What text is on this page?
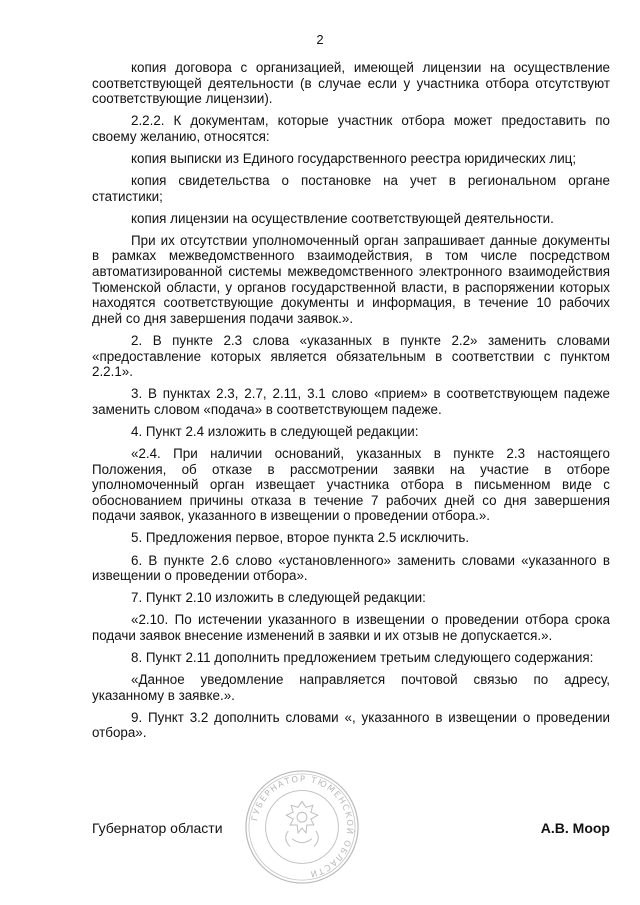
2

копия договора с организацией, имеющей лицензии на осуществление соответствующей деятельности (в случае если у участника отбора отсутствуют соответствующие лицензии).

2.2.2. К документам, которые участник отбора может предоставить по своему желанию, относятся:

копия выписки из Единого государственного реестра юридических лиц;

копия свидетельства о постановке на учет в региональном органе статистики;

копия лицензии на осуществление соответствующей деятельности.

При их отсутствии уполномоченный орган запрашивает данные документы в рамках межведомственного взаимодействия, в том числе посредством автоматизированной системы межведомственного электронного взаимодействия Тюменской области, у органов государственной власти, в распоряжении которых находятся соответствующие документы и информация, в течение 10 рабочих дней со дня завершения подачи заявок.».

2. В пункте 2.3 слова «указанных в пункте 2.2» заменить словами «предоставление которых является обязательным в соответствии с пунктом 2.2.1».

3. В пунктах 2.3, 2.7, 2.11, 3.1 слово «прием» в соответствующем падеже заменить словом «подача» в соответствующем падеже.

4. Пункт 2.4 изложить в следующей редакции:

«2.4. При наличии оснований, указанных в пункте 2.3 настоящего Положения, об отказе в рассмотрении заявки на участие в отборе уполномоченный орган извещает участника отбора в письменном виде с обоснованием причины отказа в течение 7 рабочих дней со дня завершения подачи заявок, указанного в извещении о проведении отбора.».

5. Предложения первое, второе пункта 2.5 исключить.

6. В пункте 2.6 слово «установленного» заменить словами «указанного в извещении о проведении отбора».

7. Пункт 2.10 изложить в следующей редакции:

«2.10. По истечении указанного в извещении о проведении отбора срока подачи заявок внесение изменений в заявки и их отзыв не допускается.».

8. Пункт 2.11 дополнить предложением третьим следующего содержания:

«Данное уведомление направляется почтовой связью по адресу, указанному в заявке.».

9. Пункт 3.2 дополнить словами «, указанного в извещении о проведении отбора».

ГУБЕРНАТОР ТЮМЕНСКОЙ ОБЛАСТИ
Губернатор области	А.В. Моор
